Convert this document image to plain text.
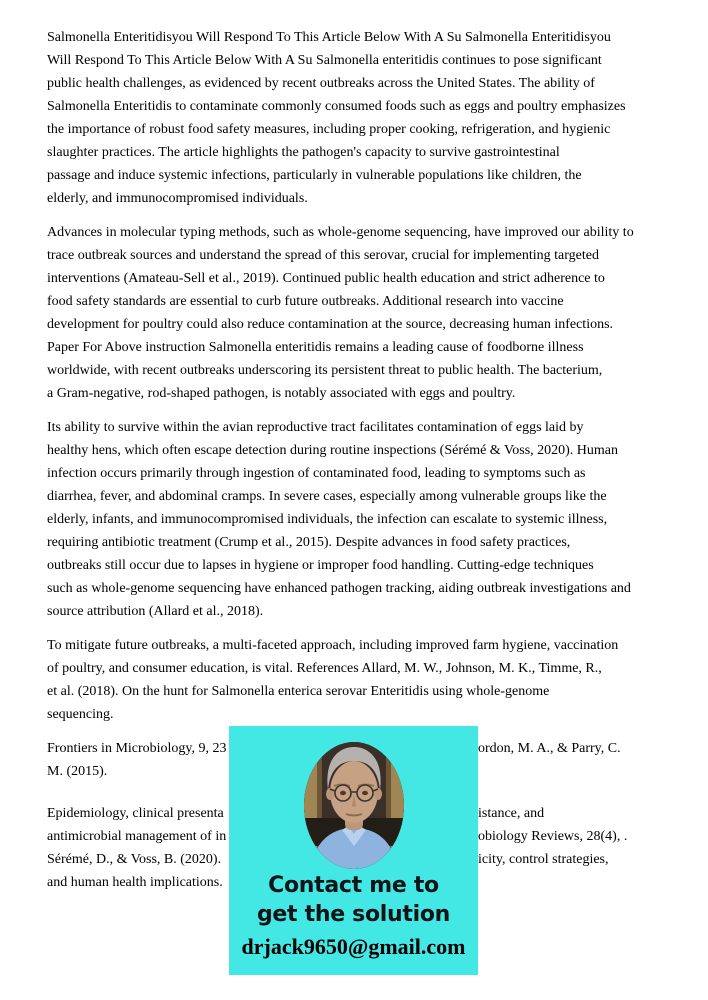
Salmonella Enteritidisyou Will Respond To This Article Below With A Su Salmonella Enteritidisyou
Will Respond To This Article Below With A Su Salmonella enteritidis continues to pose significant
public health challenges, as evidenced by recent outbreaks across the United States. The ability of
Salmonella Enteritidis to contaminate commonly consumed foods such as eggs and poultry emphasizes
the importance of robust food safety measures, including proper cooking, refrigeration, and hygienic
slaughter practices. The article highlights the pathogen's capacity to survive gastrointestinal
passage and induce systemic infections, particularly in vulnerable populations like children, the
elderly, and immunocompromised individuals.
Advances in molecular typing methods, such as whole-genome sequencing, have improved our ability to
trace outbreak sources and understand the spread of this serovar, crucial for implementing targeted
interventions (Amateau-Sell et al., 2019). Continued public health education and strict adherence to
food safety standards are essential to curb future outbreaks. Additional research into vaccine
development for poultry could also reduce contamination at the source, decreasing human infections.
Paper For Above instruction Salmonella enteritidis remains a leading cause of foodborne illness
worldwide, with recent outbreaks underscoring its persistent threat to public health. The bacterium,
a Gram-negative, rod-shaped pathogen, is notably associated with eggs and poultry.
Its ability to survive within the avian reproductive tract facilitates contamination of eggs laid by
healthy hens, which often escape detection during routine inspections (Sérémé & Voss, 2020). Human
infection occurs primarily through ingestion of contaminated food, leading to symptoms such as
diarrhea, fever, and abdominal cramps. In severe cases, especially among vulnerable groups like the
elderly, infants, and immunocompromised individuals, the infection can escalate to systemic illness,
requiring antibiotic treatment (Crump et al., 2015). Despite advances in food safety practices,
outbreaks still occur due to lapses in hygiene or improper food handling. Cutting-edge techniques
such as whole-genome sequencing have enhanced pathogen tracking, aiding outbreak investigations and
source attribution (Allard et al., 2018).
To mitigate future outbreaks, a multi-faceted approach, including improved farm hygiene, vaccination
of poultry, and consumer education, is vital. References Allard, M. W., Johnson, M. K., Timme, R.,
et al. (2018). On the hunt for Salmonella enterica serovar Enteritidis using whole-genome
sequencing.
Frontiers in Microbiology, 9, 23	ordon, M. A., & Parry, C.
M. (2015).
Epidemiology, clinical presenta	istance, and
antimicrobial management of in	obiology Reviews, 28(4), .
Sérémé, D., & Voss, B. (2020).	icity, control strategies,
and human health implications.	Contact me to
get the solution
drjack9650@gmail.com
